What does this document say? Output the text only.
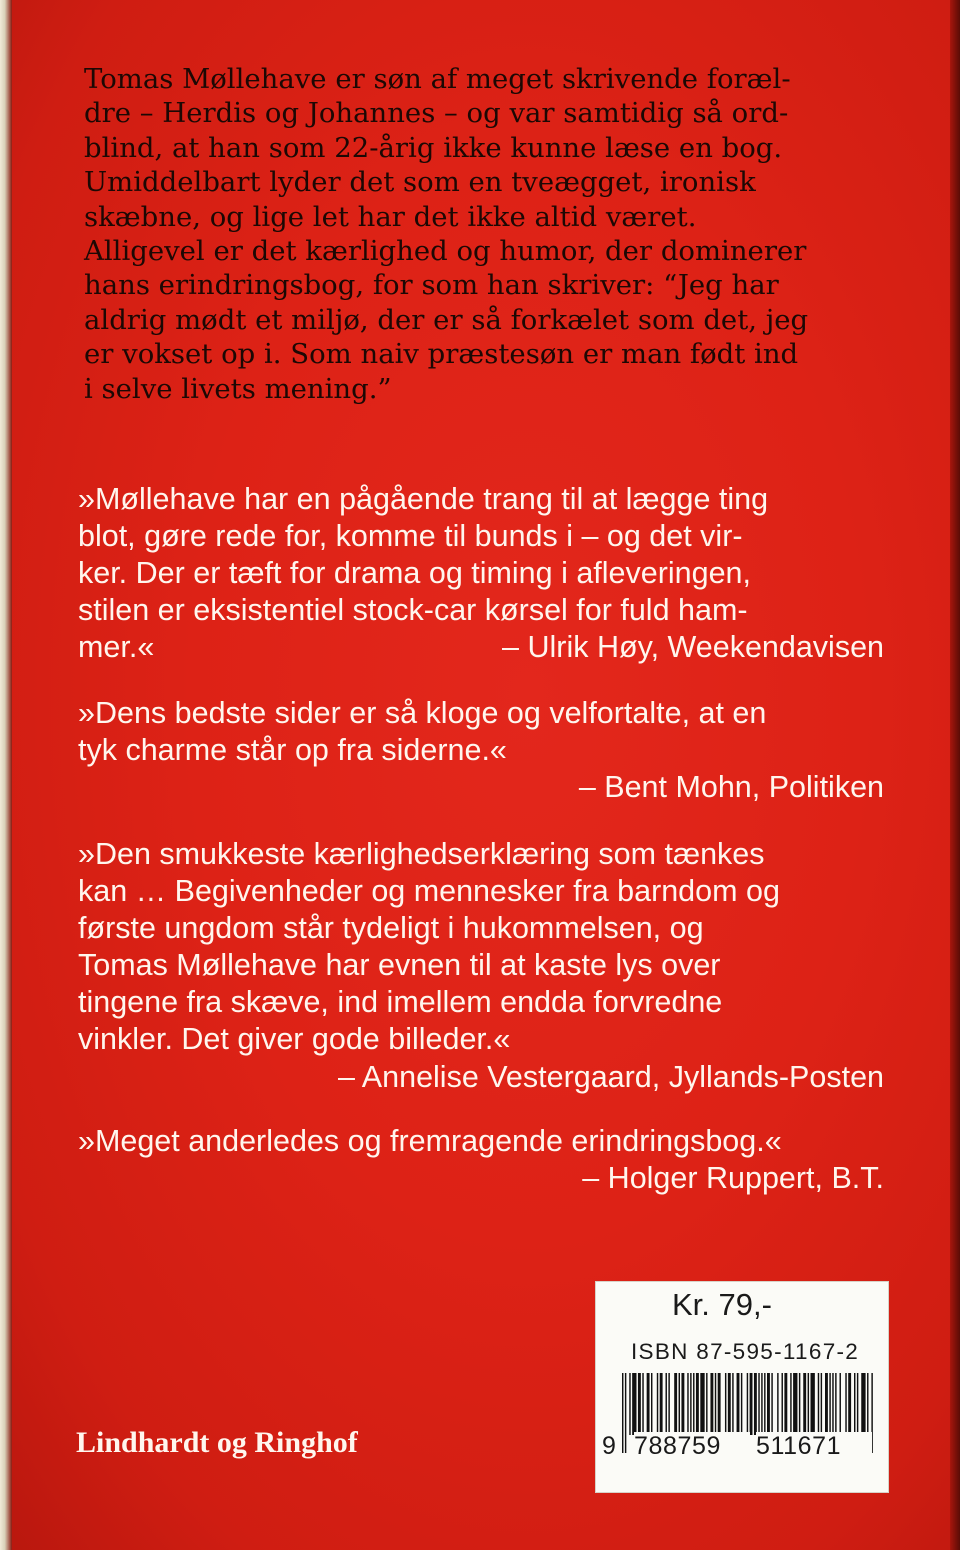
Tomas Møllehave er søn af meget skrivende foræl-
dre – Herdis og Johannes – og var samtidig så ord-
blind, at han som 22-årig ikke kunne læse en bog.
Umiddelbart lyder det som en tveægget, ironisk
skæbne, og lige let har det ikke altid været.
Alligevel er det kærlighed og humor, der dominerer
hans erindringsbog, for som han skriver: “Jeg har
aldrig mødt et miljø, der er så forkælet som det, jeg
er vokset op i. Som naiv præstesøn er man født ind
i selve livets mening.”
»Møllehave har en pågående trang til at lægge ting
blot, gøre rede for, komme til bunds i – og det vir-
ker. Der er tæft for drama og timing i afleveringen,
stilen er eksistentiel stock-car kørsel for fuld ham-
mer.«	– Ulrik Høy, Weekendavisen
»Dens bedste sider er så kloge og velfortalte, at en
tyk charme står op fra siderne.«
– Bent Mohn, Politiken
»Den smukkeste kærlighedserklæring som tænkes
kan … Begivenheder og mennesker fra barndom og
første ungdom står tydeligt i hukommelsen, og
Tomas Møllehave har evnen til at kaste lys over
tingene fra skæve, ind imellem endda forvredne
vinkler. Det giver gode billeder.«
– Annelise Vestergaard, Jyllands-Posten
»Meget anderledes og fremragende erindringsbog.«
– Holger Ruppert, B.T.
Lindhardt og Ringhof
Kr. 79,-
ISBN 87-595-1167-2
9 788759	511671
